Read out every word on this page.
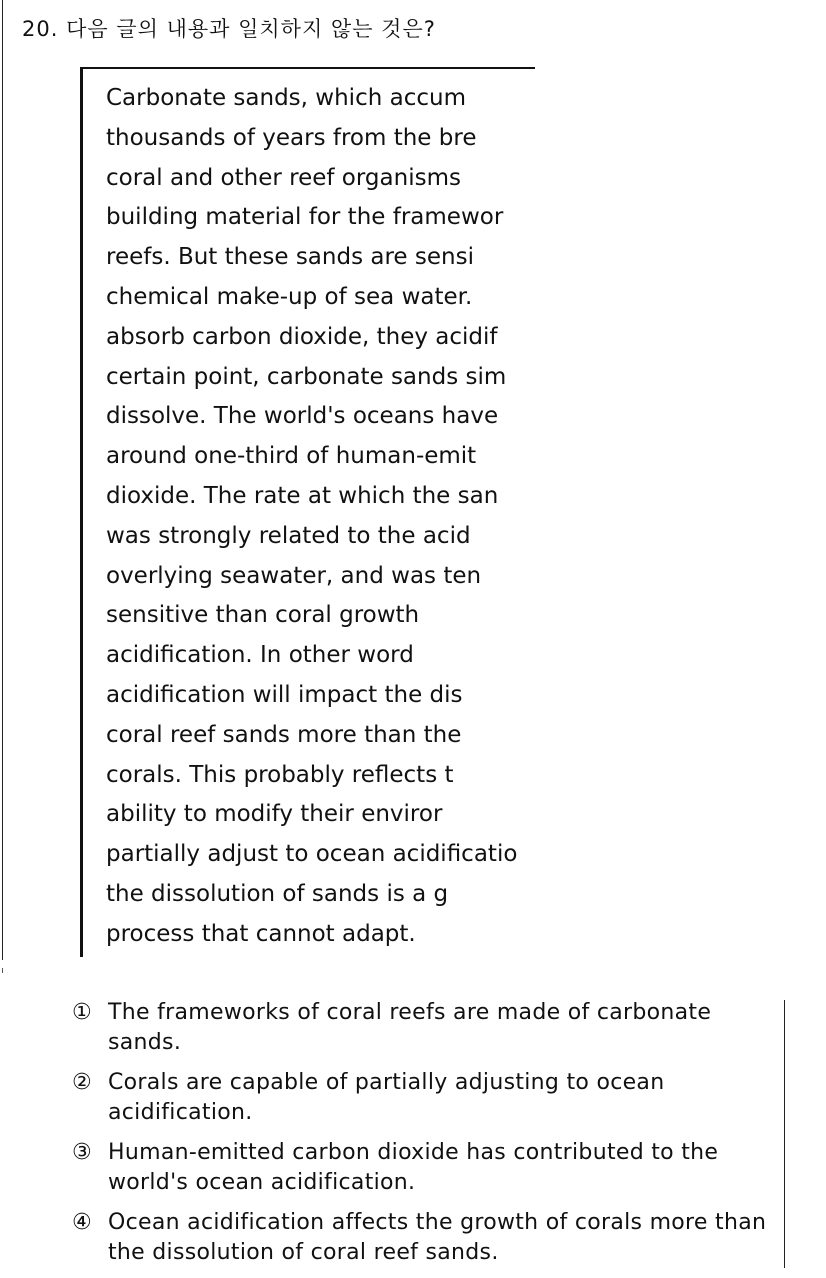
20. 다음 글의 내용과 일치하지 않는 것은?
Carbonate sands, which accum
thousands of years from the bre
coral and other reef organisms
building material for the framewor
reefs. But these sands are sensi
chemical make-up of sea water.
absorb carbon dioxide, they acidif
certain point, carbonate sands sim
dissolve. The world's oceans have
around one-third of human-emit
dioxide. The rate at which the san
was strongly related to the acid
overlying seawater, and was ten
sensitive than coral growth
acidification. In other word
acidification will impact the dis
coral reef sands more than the
corals. This probably reflects t
ability to modify their enviror
partially adjust to ocean acidificatio
the dissolution of sands is a g
process that cannot adapt.
① The frameworks of coral reefs are made of carbonate sands.
② Corals are capable of partially adjusting to ocean acidification.
③ Human-emitted carbon dioxide has contributed to the world's ocean acidification.
④ Ocean acidification affects the growth of corals more than the dissolution of coral reef sands.
